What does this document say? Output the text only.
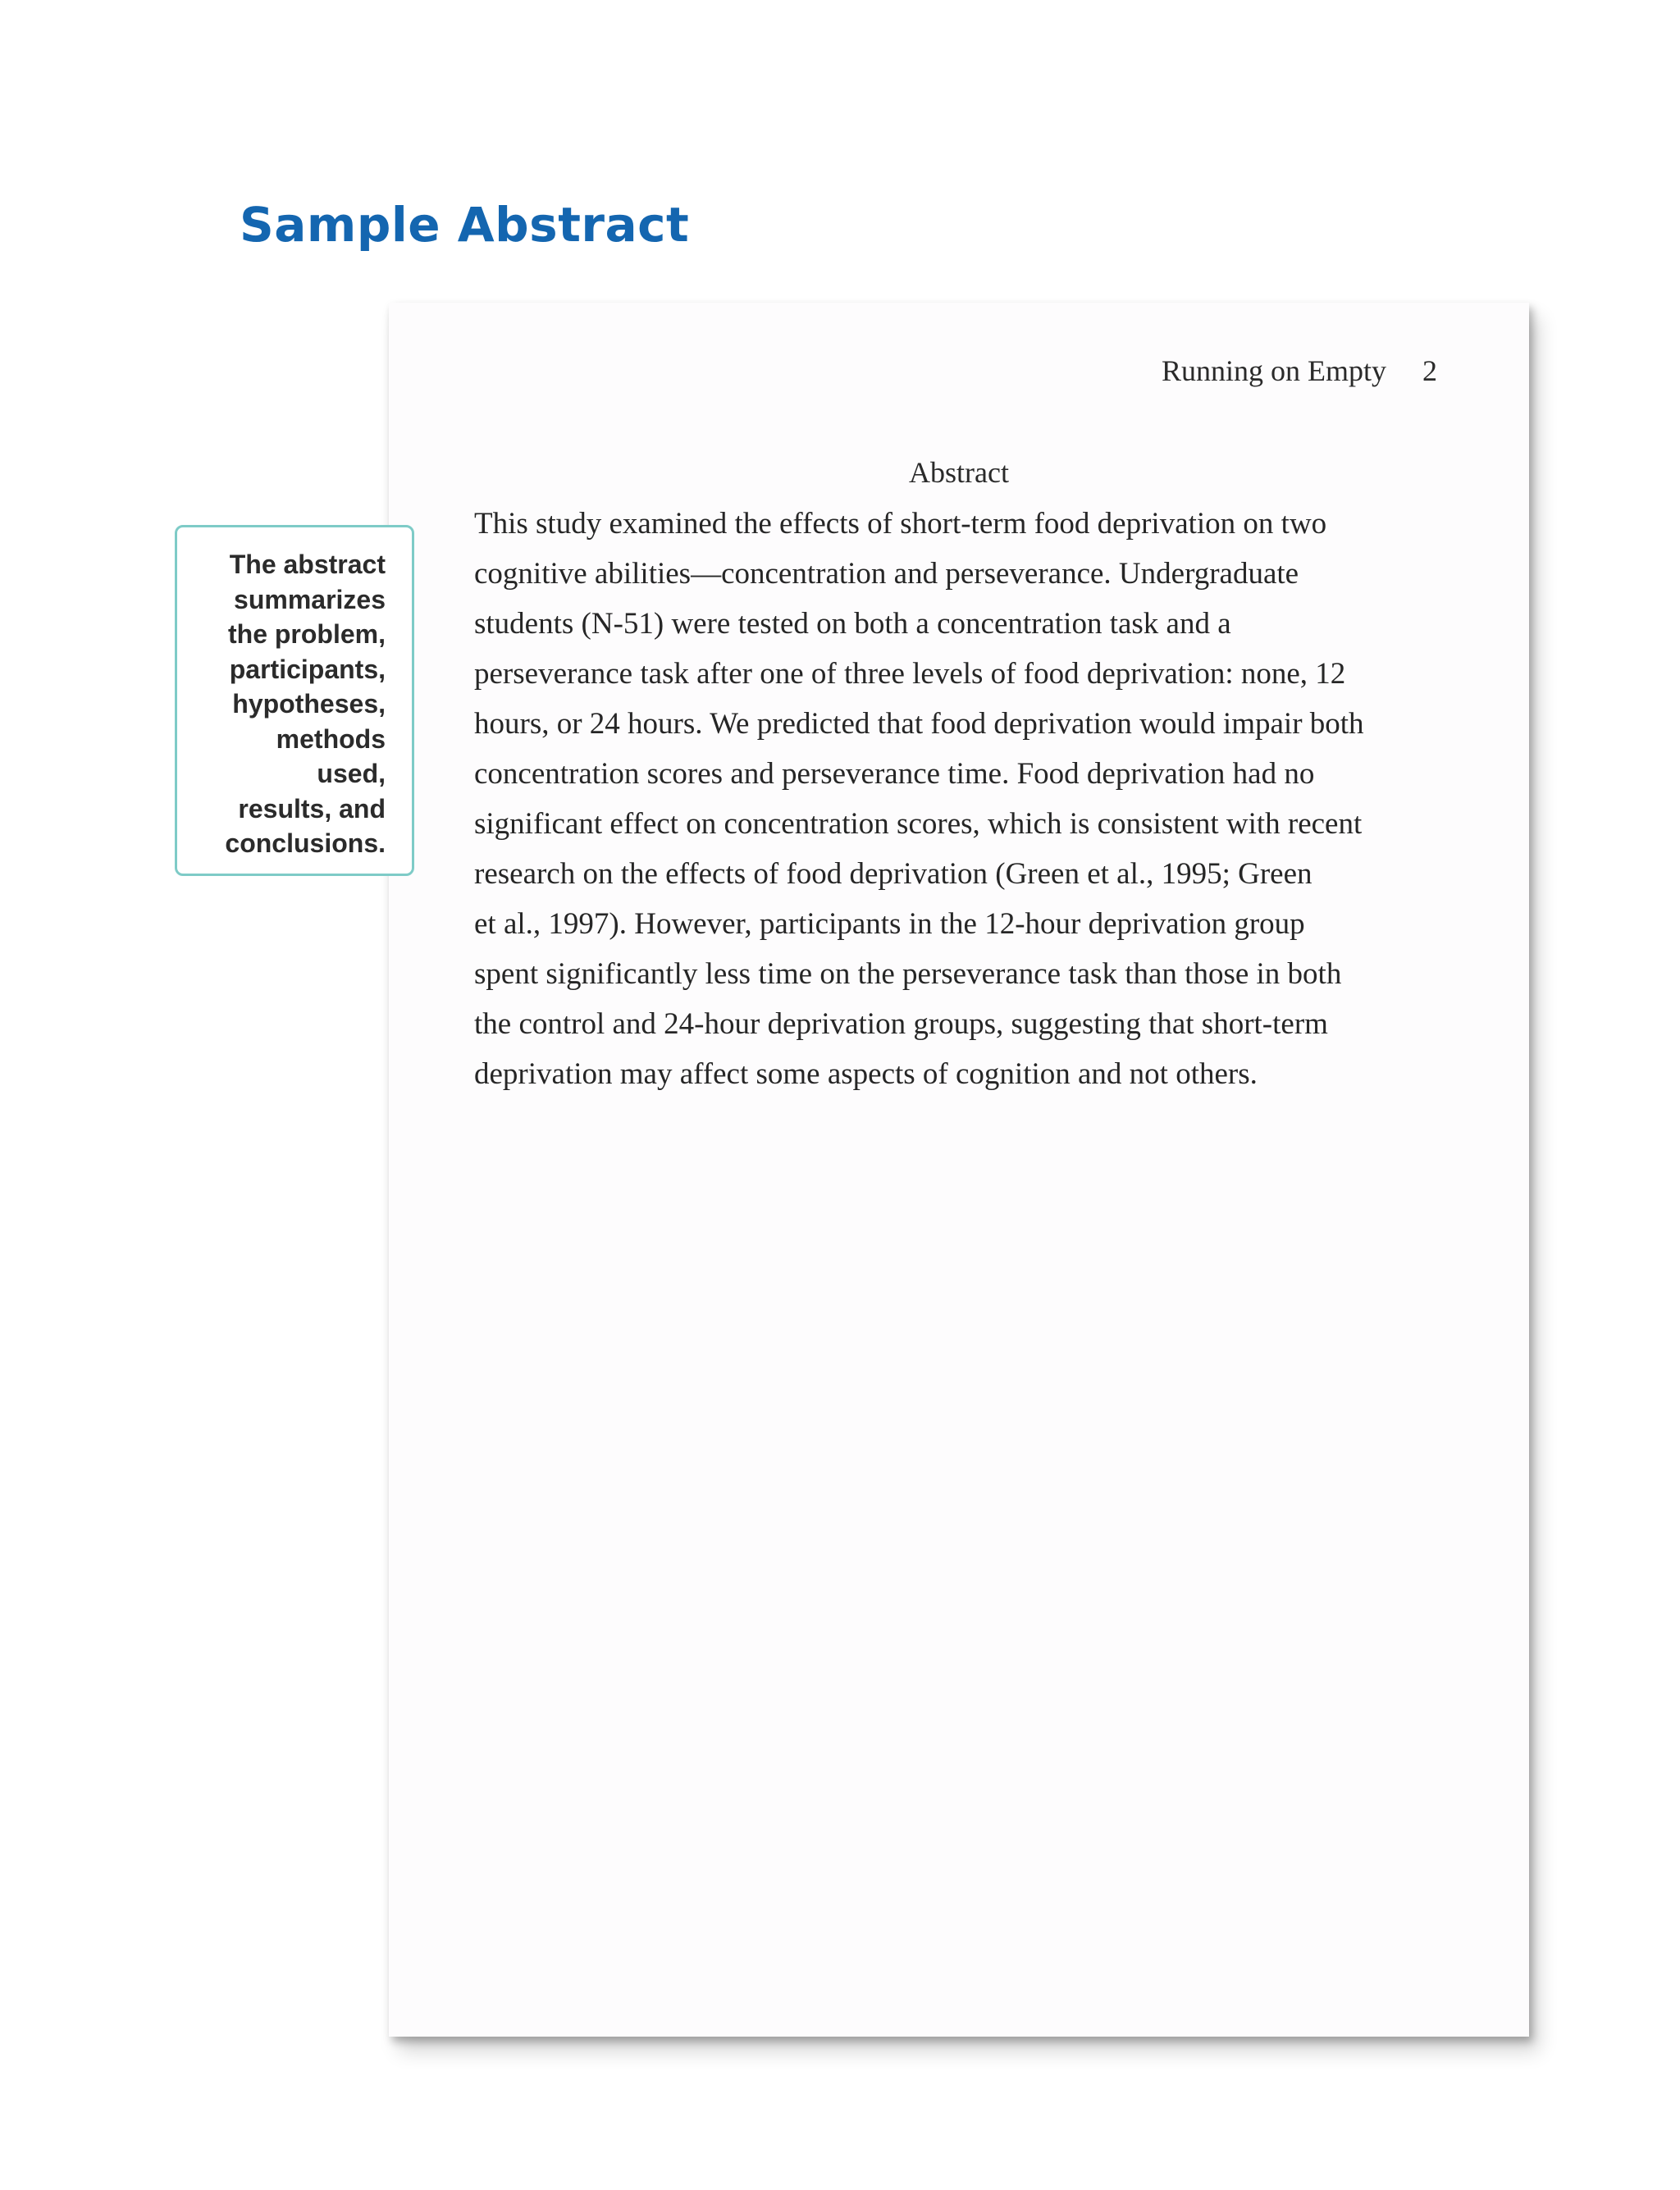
Sample Abstract
Running on Empty 2
Abstract

This study examined the effects of short-term food deprivation on two
cognitive abilities—concentration and perseverance. Undergraduate
students (N-51) were tested on both a concentration task and a
perseverance task after one of three levels of food deprivation: none, 12
hours, or 24 hours. We predicted that food deprivation would impair both
concentration scores and perseverance time. Food deprivation had no
significant effect on concentration scores, which is consistent with recent
research on the effects of food deprivation (Green et al., 1995; Green
et al., 1997). However, participants in the 12-hour deprivation group
spent significantly less time on the perseverance task than those in both
the control and 24-hour deprivation groups, suggesting that short-term
deprivation may affect some aspects of cognition and not others.

The abstract
summarizes
the problem,
participants,
hypotheses,
methods
used,
results, and
conclusions.
